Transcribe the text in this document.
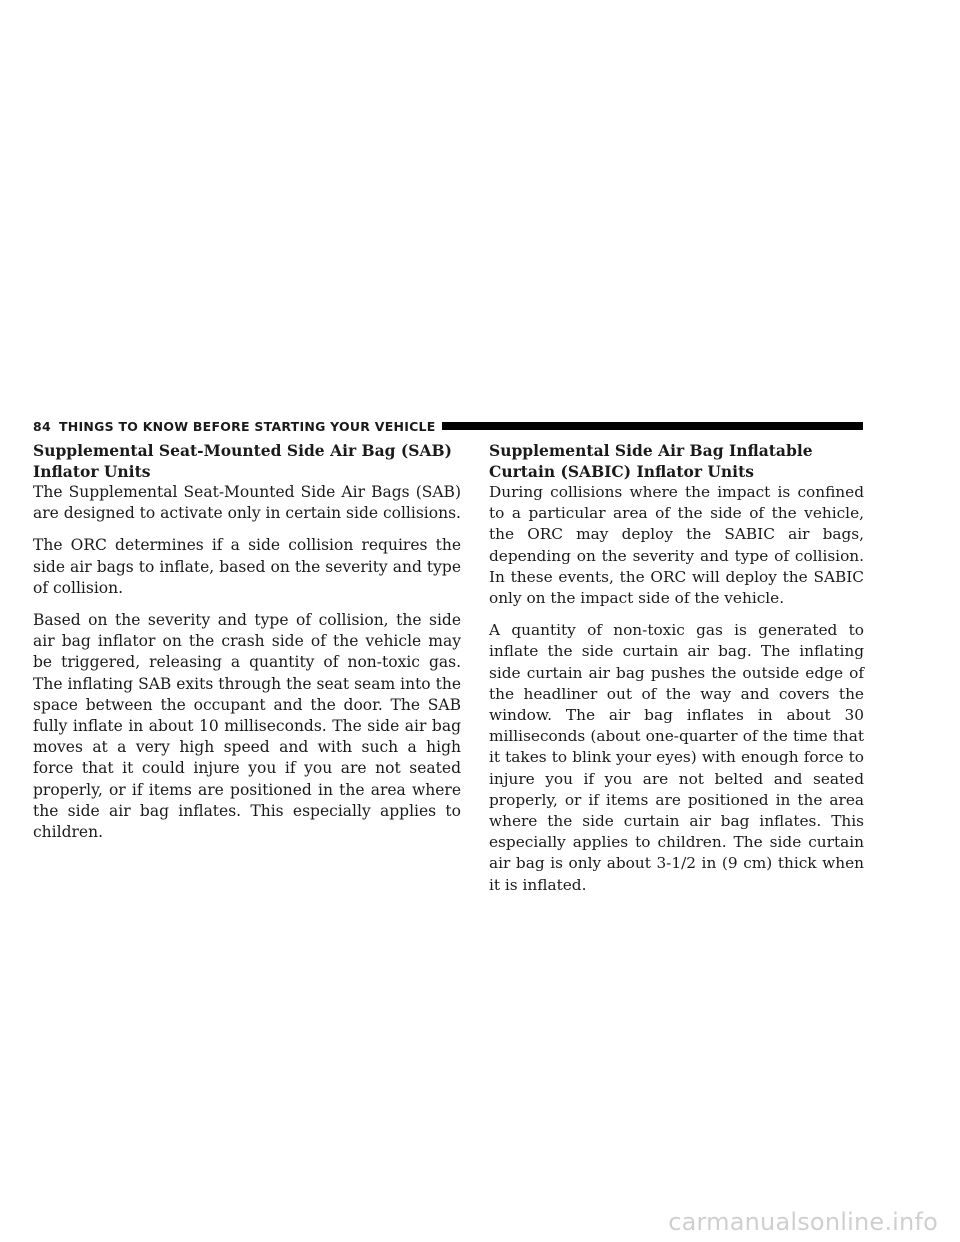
84 THINGS TO KNOW BEFORE STARTING YOUR VEHICLE
Supplemental Seat-Mounted Side Air Bag (SAB) Inflator Units

The Supplemental Seat-Mounted Side Air Bags (SAB) are designed to activate only in certain side collisions.

The ORC determines if a side collision requires the side air bags to inflate, based on the severity and type of collision.

Based on the severity and type of collision, the side air bag inflator on the crash side of the vehicle may be triggered, releasing a quantity of non-toxic gas. The inflating SAB exits through the seat seam into the space between the occupant and the door. The SAB fully inflate in about 10 milliseconds. The side air bag moves at a very high speed and with such a high force that it could injure you if you are not seated properly, or if items are positioned in the area where the side air bag inflates. This especially applies to children.

Supplemental Side Air Bag Inflatable Curtain (SABIC) Inflator Units

During collisions where the impact is confined to a particular area of the side of the vehicle, the ORC may deploy the SABIC air bags, depending on the severity and type of collision. In these events, the ORC will deploy the SABIC only on the impact side of the vehicle.

A quantity of non-toxic gas is generated to inflate the side curtain air bag. The inflating side curtain air bag pushes the outside edge of the headliner out of the way and covers the window. The air bag inflates in about 30 milliseconds (about one-quarter of the time that it takes to blink your eyes) with enough force to injure you if you are not belted and seated properly, or if items are positioned in the area where the side curtain air bag inflates. This especially applies to children. The side curtain air bag is only about 3-1/2 in (9 cm) thick when it is inflated.

carmanualsonline.info
